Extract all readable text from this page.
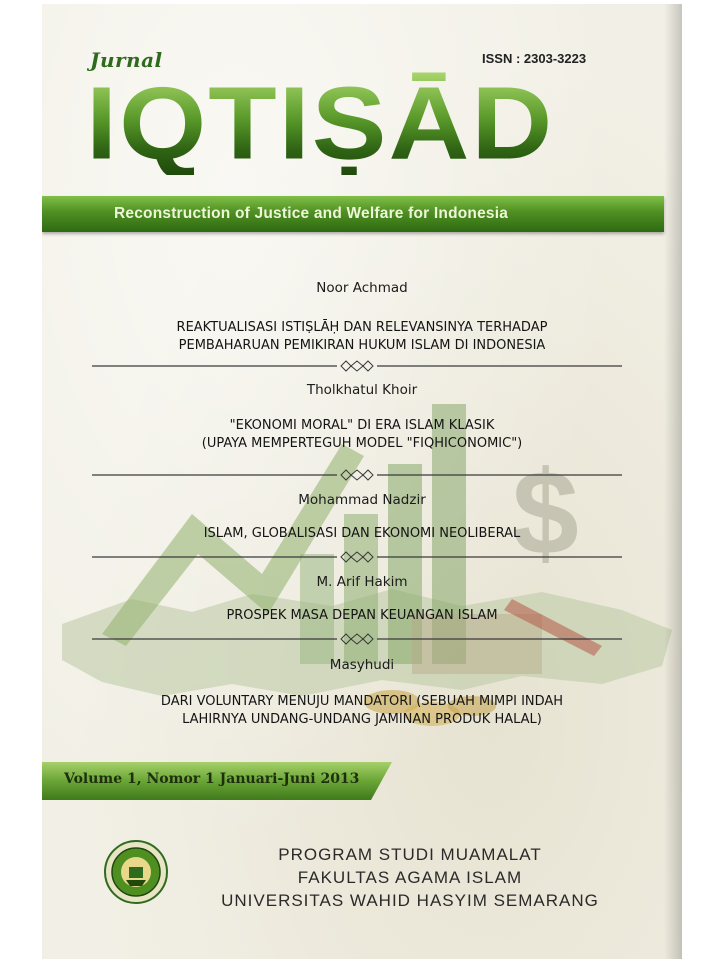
$
Jurnal	ISSN : 2303-3223
IQTIṢĀD
Reconstruction of Justice and Welfare for Indonesia
Noor Achmad
REAKTUALISASI ISTIṢLĀḤ DAN RELEVANSINYA TERHADAP
PEMBAHARUAN PEMIKIRAN HUKUM ISLAM DI INDONESIA
Tholkhatul Khoir
"EKONOMI MORAL" DI ERA ISLAM KLASIK
(UPAYA MEMPERTEGUH MODEL "FIQHICONOMIC")
Mohammad Nadzir
ISLAM, GLOBALISASI DAN EKONOMI NEOLIBERAL
M. Arif Hakim
PROSPEK MASA DEPAN KEUANGAN ISLAM
Masyhudi
DARI VOLUNTARY MENUJU MANDATORI (SEBUAH MIMPI INDAH
LAHIRNYA UNDANG-UNDANG JAMINAN PRODUK HALAL)
Volume 1, Nomor 1 Januari-Juni 2013
PROGRAM STUDI MUAMALAT
FAKULTAS AGAMA ISLAM
UNIVERSITAS WAHID HASYIM SEMARANG
